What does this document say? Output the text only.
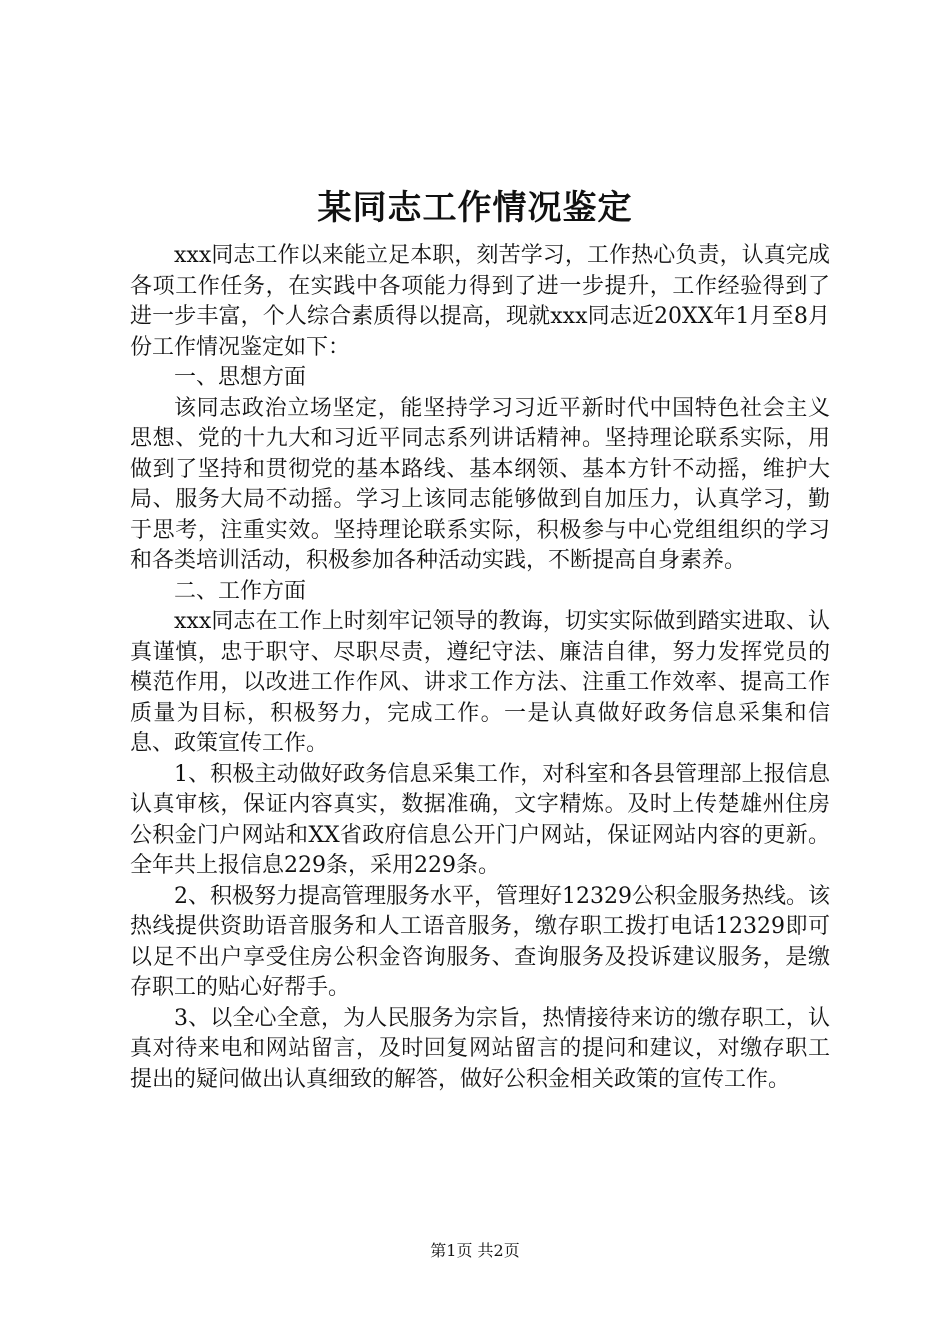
某同志工作情况鉴定

xxx同志工作以来能立足本职，刻苦学习，工作热心负责，认真完成各项工作任务，在实践中各项能力得到了进一步提升，工作经验得到了进一步丰富，个人综合素质得以提高，现就xxx同志近20XX年1月至8月份工作情况鉴定如下：

一、思想方面

该同志政治立场坚定，能坚持学习习近平新时代中国特色社会主义思想、党的十九大和习近平同志系列讲话精神。坚持理论联系实际，用做到了坚持和贯彻党的基本路线、基本纲领、基本方针不动摇，维护大局、服务大局不动摇。学习上该同志能够做到自加压力，认真学习，勤于思考，注重实效。坚持理论联系实际，积极参与中心党组组织的学习和各类培训活动，积极参加各种活动实践，不断提高自身素养。

二、工作方面

xxx同志在工作上时刻牢记领导的教诲，切实实际做到踏实进取、认真谨慎，忠于职守、尽职尽责，遵纪守法、廉洁自律，努力发挥党员的模范作用，以改进工作作风、讲求工作方法、注重工作效率、提高工作质量为目标，积极努力，完成工作。一是认真做好政务信息采集和信息、政策宣传工作。

1、积极主动做好政务信息采集工作，对科室和各县管理部上报信息认真审核，保证内容真实，数据准确，文字精炼。及时上传楚雄州住房公积金门户网站和XX省政府信息公开门户网站，保证网站内容的更新。全年共上报信息229条，采用229条。

2、积极努力提高管理服务水平，管理好12329公积金服务热线。该热线提供资助语音服务和人工语音服务，缴存职工拨打电话12329即可以足不出户享受住房公积金咨询服务、查询服务及投诉建议服务，是缴存职工的贴心好帮手。

3、以全心全意，为人民服务为宗旨，热情接待来访的缴存职工，认真对待来电和网站留言，及时回复网站留言的提问和建议，对缴存职工提出的疑问做出认真细致的解答，做好公积金相关政策的宣传工作。

第1页 共2页
